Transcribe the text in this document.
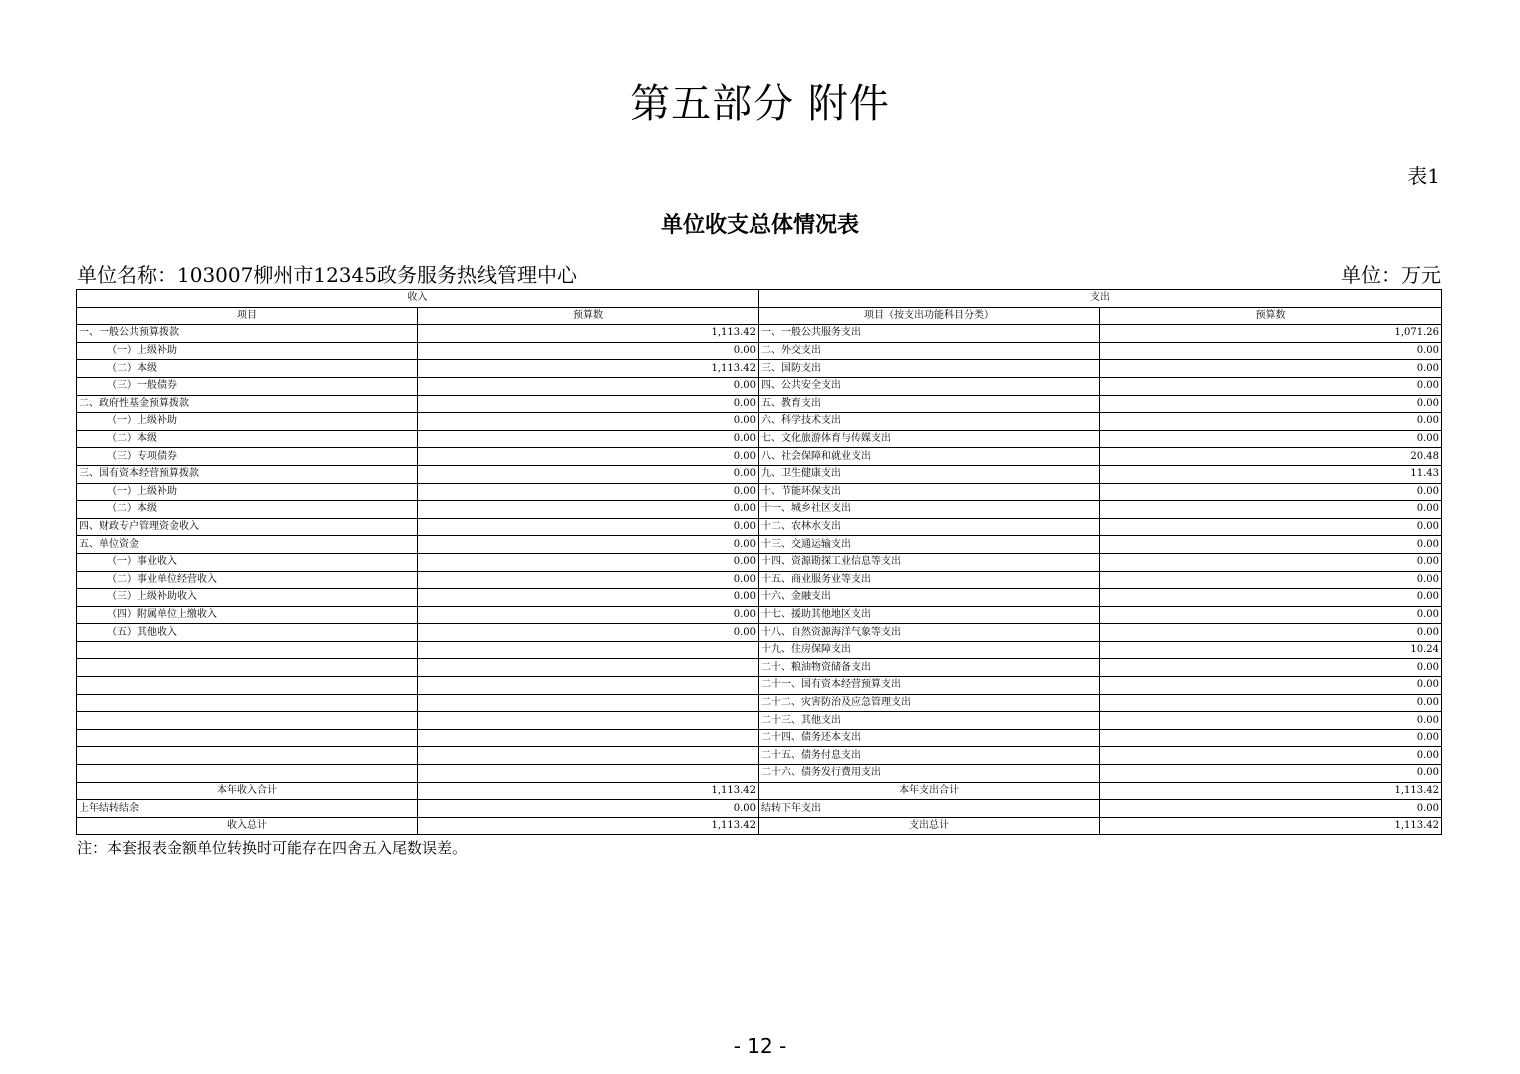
第五部分 附件
表1
单位收支总体情况表
单位名称：103007柳州市12345政务服务热线管理中心	单位：万元
收入		支出	
项目	预算数	项目（按支出功能科目分类）	预算数
一、一般公共预算拨款	1,113.42	一、一般公共服务支出	1,071.26
（一）上级补助	0.00	二、外交支出	0.00
（二）本级	1,113.42	三、国防支出	0.00
（三）一般债券	0.00	四、公共安全支出	0.00
二、政府性基金预算拨款	0.00	五、教育支出	0.00
（一）上级补助	0.00	六、科学技术支出	0.00
（二）本级	0.00	七、文化旅游体育与传媒支出	0.00
（三）专项债券	0.00	八、社会保障和就业支出	20.48
三、国有资本经营预算拨款	0.00	九、卫生健康支出	11.43
（一）上级补助	0.00	十、节能环保支出	0.00
（二）本级	0.00	十一、城乡社区支出	0.00
四、财政专户管理资金收入	0.00	十二、农林水支出	0.00
五、单位资金	0.00	十三、交通运输支出	0.00
（一）事业收入	0.00	十四、资源勘探工业信息等支出	0.00
（二）事业单位经营收入	0.00	十五、商业服务业等支出	0.00
（三）上级补助收入	0.00	十六、金融支出	0.00
（四）附属单位上缴收入	0.00	十七、援助其他地区支出	0.00
（五）其他收入	0.00	十八、自然资源海洋气象等支出	0.00
		十九、住房保障支出	10.24
		二十、粮油物资储备支出	0.00
		二十一、国有资本经营预算支出	0.00
		二十二、灾害防治及应急管理支出	0.00
		二十三、其他支出	0.00
		二十四、债务还本支出	0.00
		二十五、债务付息支出	0.00
		二十六、债务发行费用支出	0.00
本年收入合计	1,113.42	本年支出合计	1,113.42
上年结转结余	0.00	结转下年支出	0.00
收入总计	1,113.42	支出总计	1,113.42
注：本套报表金额单位转换时可能存在四舍五入尾数误差。
- 12 -
